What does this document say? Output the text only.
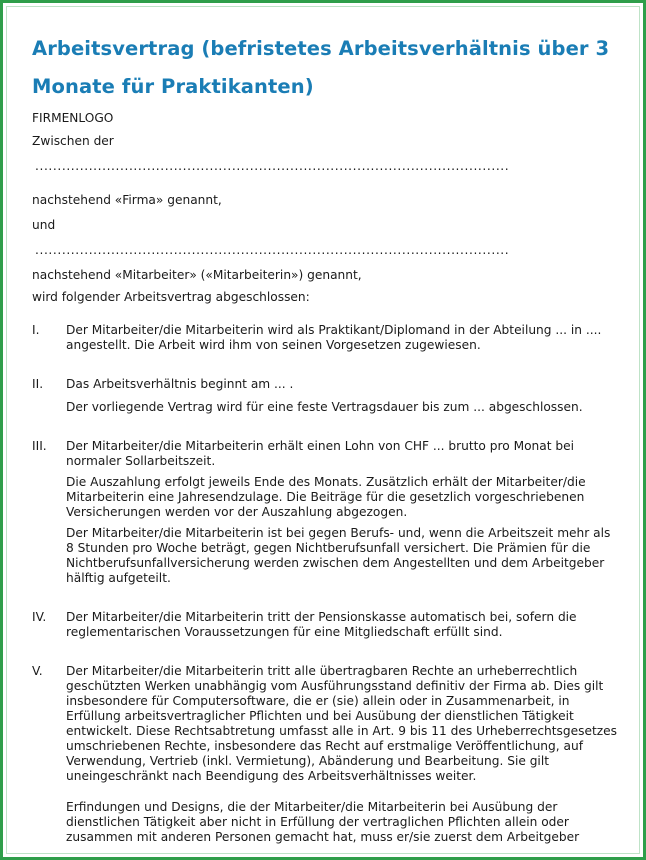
Arbeitsvertrag (befristetes Arbeitsverhältnis über 3 Monate für Praktikanten)

FIRMENLOGO

Zwischen der

..........................................................................................................

nachstehend «Firma» genannt,

und

..........................................................................................................

nachstehend «Mitarbeiter» («Mitarbeiterin») genannt,

wird folgender Arbeitsvertrag abgeschlossen:

I.	Der Mitarbeiter/die Mitarbeiterin wird als Praktikant/Diplomand in der Abteilung ... in .... angestellt. Die Arbeit wird ihm von seinen Vorgesetzen zugewiesen.

II.	Das Arbeitsverhältnis beginnt am ... .

Der vorliegende Vertrag wird für eine feste Vertragsdauer bis zum ... abgeschlossen.

III.	Der Mitarbeiter/die Mitarbeiterin erhält einen Lohn von CHF ... brutto pro Monat bei normaler Sollarbeitszeit.

Die Auszahlung erfolgt jeweils Ende des Monats. Zusätzlich erhält der Mitarbeiter/die Mitarbeiterin eine Jahresendzulage. Die Beiträge für die gesetzlich vorgeschriebenen Versicherungen werden vor der Auszahlung abgezogen.

Der Mitarbeiter/die Mitarbeiterin ist bei gegen Berufs- und, wenn die Arbeitszeit mehr als 8 Stunden pro Woche beträgt, gegen Nichtberufsunfall versichert. Die Prämien für die Nichtberufsunfallversicherung werden zwischen dem Angestellten und dem Arbeitgeber hälftig aufgeteilt.

IV.	Der Mitarbeiter/die Mitarbeiterin tritt der Pensionskasse automatisch bei, sofern die reglementarischen Voraussetzungen für eine Mitgliedschaft erfüllt sind.

V.	Der Mitarbeiter/die Mitarbeiterin tritt alle übertragbaren Rechte an urheberrechtlich geschützten Werken unabhängig vom Ausführungsstand definitiv der Firma ab. Dies gilt insbesondere für Computersoftware, die er (sie) allein oder in Zusammenarbeit, in Erfüllung arbeitsvertraglicher Pflichten und bei Ausübung der dienstlichen Tätigkeit entwickelt. Diese Rechtsabtretung umfasst alle in Art. 9 bis 11 des Urheberrechtsgesetzes umschriebenen Rechte, insbesondere das Recht auf erstmalige Veröffentlichung, auf Verwendung, Vertrieb (inkl. Vermietung), Abänderung und Bearbeitung. Sie gilt uneingeschränkt nach Beendigung des Arbeitsverhältnisses weiter.

Erfindungen und Designs, die der Mitarbeiter/die Mitarbeiterin bei Ausübung der dienstlichen Tätigkeit aber nicht in Erfüllung der vertraglichen Pflichten allein oder zusammen mit anderen Personen gemacht hat, muss er/sie zuerst dem Arbeitgeber
